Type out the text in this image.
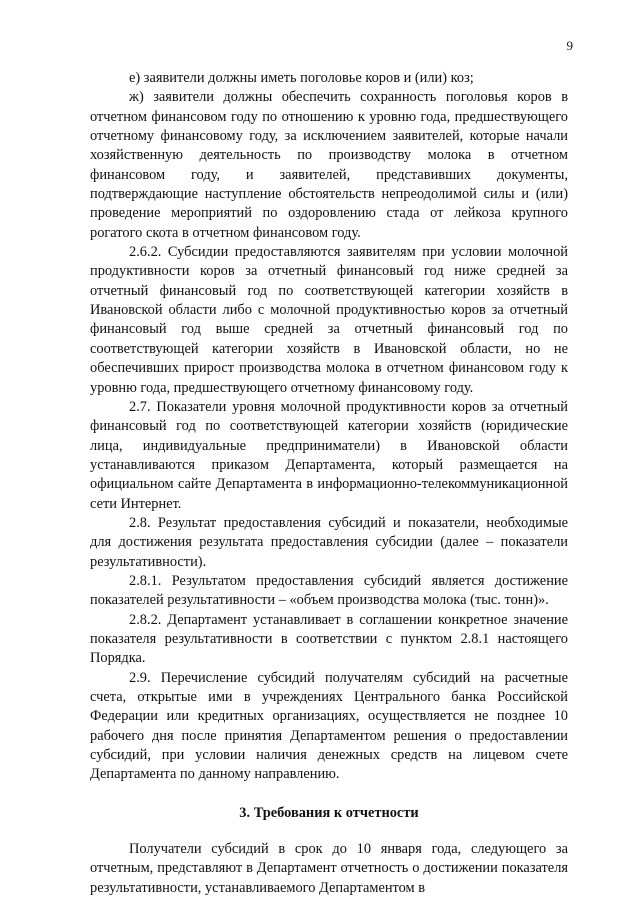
9

е) заявители должны иметь поголовье коров и (или) коз;

ж) заявители должны обеспечить сохранность поголовья коров в отчетном финансовом году по отношению к уровню года, предшествующего отчетному финансовому году, за исключением заявителей, которые начали хозяйственную деятельность по производству молока в отчетном финансовом году, и заявителей, представивших документы, подтверждающие наступление обстоятельств непреодолимой силы и (или) проведение мероприятий по оздоровлению стада от лейкоза крупного рогатого скота в отчетном финансовом году.

2.6.2. Субсидии предоставляются заявителям при условии молочной продуктивности коров за отчетный финансовый год ниже средней за отчетный финансовый год по соответствующей категории хозяйств в Ивановской области либо с молочной продуктивностью коров за отчетный финансовый год выше средней за отчетный финансовый год по соответствующей категории хозяйств в Ивановской области, но не обеспечивших прирост производства молока в отчетном финансовом году к уровню года, предшествующего отчетному финансовому году.

2.7. Показатели уровня молочной продуктивности коров за отчетный финансовый год по соответствующей категории хозяйств (юридические лица, индивидуальные предприниматели) в Ивановской области устанавливаются приказом Департамента, который размещается на официальном сайте Департамента в информационно-телекоммуникационной сети Интернет.

2.8. Результат предоставления субсидий и показатели, необходимые для достижения результата предоставления субсидии (далее – показатели результативности).

2.8.1. Результатом предоставления субсидий является достижение показателей результативности – «объем производства молока (тыс. тонн)».

2.8.2. Департамент устанавливает в соглашении конкретное значение показателя результативности в соответствии с пунктом 2.8.1 настоящего Порядка.

2.9. Перечисление субсидий получателям субсидий на расчетные счета, открытые ими в учреждениях Центрального банка Российской Федерации или кредитных организациях, осуществляется не позднее 10 рабочего дня после принятия Департаментом решения о предоставлении субсидий, при условии наличия денежных средств на лицевом счете Департамента по данному направлению.

3. Требования к отчетности

Получатели субсидий в срок до 10 января года, следующего за отчетным, представляют в Департамент отчетность о достижении показателя результативности, устанавливаемого Департаментом в
